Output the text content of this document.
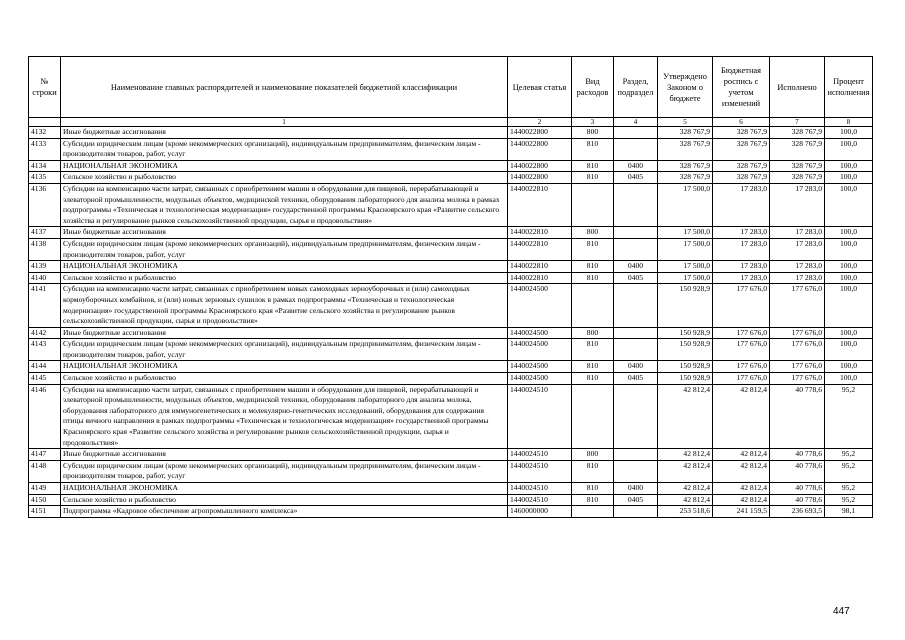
№ строки	Наименование главных распорядителей и наименование показателей бюджетной классификации	Целевая статья	Вид расходов	Раздел, подраздел	Утверждено Законом о бюджете	Бюджетная роспись с учетом изменений	Исполнено	Процент исполнения
	1	2	3	4	5	6	7	8
4132	Иные бюджетные ассигнования	1440022800	800		328 767,9	328 767,9	328 767,9	100,0
4133	Субсидии юридическим лицам (кроме некоммерческих организаций), индивидуальным предпринимателям, физическим лицам - производителям товаров, работ, услуг	1440022800	810		328 767,9	328 767,9	328 767,9	100,0
4134	НАЦИОНАЛЬНАЯ ЭКОНОМИКА	1440022800	810	0400	328 767,9	328 767,9	328 767,9	100,0
4135	Сельское хозяйство и рыболовство	1440022800	810	0405	328 767,9	328 767,9	328 767,9	100,0
4136	Субсидии на компенсацию части затрат, связанных с приобретением машин и оборудования для пищевой, перерабатывающей и элеваторной промышленности, модульных объектов, медицинской техники, оборудования лабораторного для анализа молока в рамках подпрограммы «Техническая и технологическая модернизация» государственной программы Красноярского края «Развитие сельского хозяйства и регулирование рынков сельскохозяйственной продукции, сырья и продовольствия»	1440022810			17 500,0	17 283,0	17 283,0	100,0
4137	Иные бюджетные ассигнования	1440022810	800		17 500,0	17 283,0	17 283,0	100,0
4138	Субсидии юридическим лицам (кроме некоммерческих организаций), индивидуальным предпринимателям, физическим лицам - производителям товаров, работ, услуг	1440022810	810		17 500,0	17 283,0	17 283,0	100,0
4139	НАЦИОНАЛЬНАЯ ЭКОНОМИКА	1440022810	810	0400	17 500,0	17 283,0	17 283,0	100,0
4140	Сельское хозяйство и рыболовство	1440022810	810	0405	17 500,0	17 283,0	17 283,0	100,0
4141	Субсидии на компенсацию части затрат, связанных с приобретением новых самоходных зерноуборочных и (или) самоходных кормоуборочных комбайнов, и (или) новых зерновых сушилок в рамках подпрограммы «Техническая и технологическая модернизация» государственной программы Красноярского края «Развитие сельского хозяйства и регулирование рынков сельскохозяйственной продукции, сырья и продовольствия»	1440024500			150 928,9	177 676,0	177 676,0	100,0
4142	Иные бюджетные ассигнования	1440024500	800		150 928,9	177 676,0	177 676,0	100,0
4143	Субсидии юридическим лицам (кроме некоммерческих организаций), индивидуальным предпринимателям, физическим лицам - производителям товаров, работ, услуг	1440024500	810		150 928,9	177 676,0	177 676,0	100,0
4144	НАЦИОНАЛЬНАЯ ЭКОНОМИКА	1440024500	810	0400	150 928,9	177 676,0	177 676,0	100,0
4145	Сельское хозяйство и рыболовство	1440024500	810	0405	150 928,9	177 676,0	177 676,0	100,0
4146	Субсидии на компенсацию части затрат, связанных с приобретением машин и оборудования для пищевой, перерабатывающей и элеваторной промышленности, модульных объектов, медицинской техники, оборудования лабораторного для анализа молока, оборудования лабораторного для иммуногенетических и молекулярно-генетических исследований, оборудования для содержания птицы яичного направления в рамках подпрограммы «Техническая и технологическая модернизация» государственной программы Красноярского края «Развитие сельского хозяйства и регулирование рынков сельскохозяйственной продукции, сырья и продовольствия»	1440024510			42 812,4	42 812,4	40 778,6	95,2
4147	Иные бюджетные ассигнования	1440024510	800		42 812,4	42 812,4	40 778,6	95,2
4148	Субсидии юридическим лицам (кроме некоммерческих организаций), индивидуальным предпринимателям, физическим лицам - производителям товаров, работ, услуг	1440024510	810		42 812,4	42 812,4	40 778,6	95,2
4149	НАЦИОНАЛЬНАЯ ЭКОНОМИКА	1440024510	810	0400	42 812,4	42 812,4	40 778,6	95,2
4150	Сельское хозяйство и рыболовство	1440024510	810	0405	42 812,4	42 812,4	40 778,6	95,2
4151	Подпрограмма «Кадровое обеспечение агропромышленного комплекса»	1460000000			253 518,6	241 159,5	236 693,5	98,1
447
